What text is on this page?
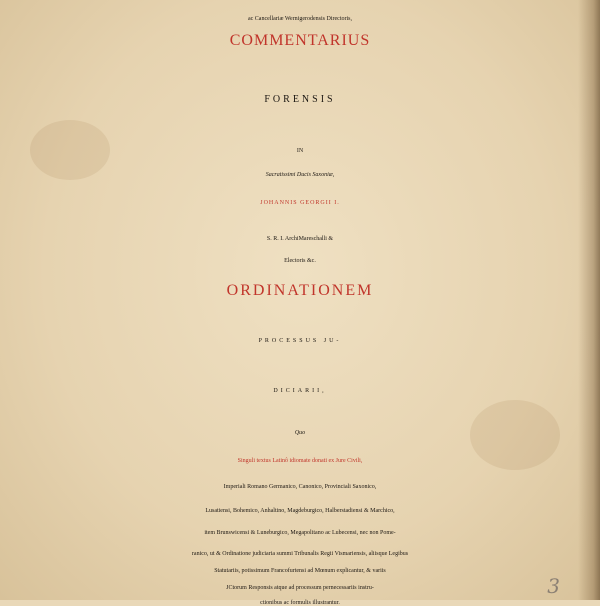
ac Cancellariæ Wernigerodensis Directoris,
COMMENTARIUS
FORENSIS
IN
Sacratissimi Ducis Saxoniæ,
JOHANNIS GEORGII I.
S. R. I. ArchiMareschalli &
Electoris &c.
ORDINATIONEM
PROCESSUS JU-
DICIARII,
Quo
Singuli textus Latinô idiomate donati ex Jure Civili,
Imperiali Romano Germanico, Canonico, Provinciali Saxonico,
Lusatiensi, Bohemico, Anhaltino, Magdeburgico, Halberstadiensi & Marchico,
item Brunswicensi & Luneburgico, Megapolitano ac Lubecensi, nec non Pome-
ranico, ut & Ordinatione judiciaria summi Tribunalis Regii Vismariensis, aliisque Legibus
Statutariis, potissimum Francofurtensi ad Mœnum explicantur, & variis
JCtorum Responsis atque ad processum pernecessariis instru-
ctionibus ac formulis illustrantur.
3
